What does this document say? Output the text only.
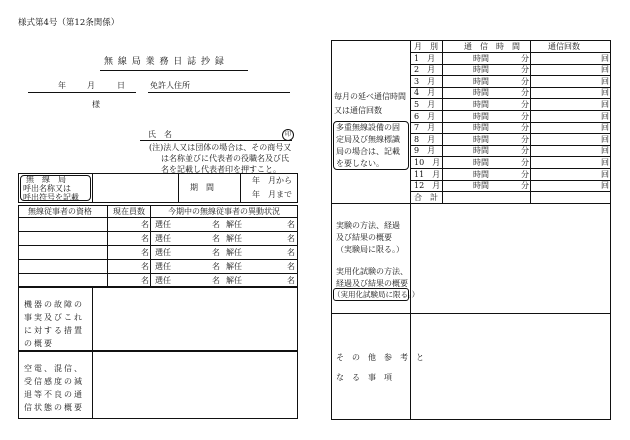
様式第4号（第12条関係）
無 線 局 業 務 日 誌 抄 録
年	月	日	免許人住所
様
氏　名	印
(注)法人又は団体の場合は、その商号又
は名称並びに代表者の役職名及び氏
名を記載し代表者印を押すこと。
無　線　局
呼出名称又は
呼出符号を記載
期　間
年　月から
年　月まで
無線従事者の資格	現在員数	今期中の無線従事者の異動状況
名 選任	名 解任	名
名 選任	名 解任	名
名 選任	名 解任	名
名 選任	名 解任	名
名 選任	名 解任	名
機器の故障の
事実及びこれ
に対する措置
の概要
空電、混信、
受信感度の減
退等不良の通
信状態の概要
月　別	通　信　時　間	通信回数
1　月	時間	分	回
2　月	時間	分	回
3　月	時間	分	回
4　月	時間	分	回
5　月	時間	分	回
6　月	時間	分	回
7　月	時間	分	回
8　月	時間	分	回
9　月	時間	分	回
10　月	時間	分	回
11　月	時間	分	回
12　月	時間	分	回
合　計
毎月の延べ通信時間
又は通信回数
多重無線設備の固
定局及び無線標識
局の場合は、記載
を要しない。
実験の方法、経過
及び結果の概要
（実験局に限る。）
実用化試験の方法、
経過及び結果の概要
（実用化試験局に限る。）
そ　の　他　参　考　と
な　る　事　項
